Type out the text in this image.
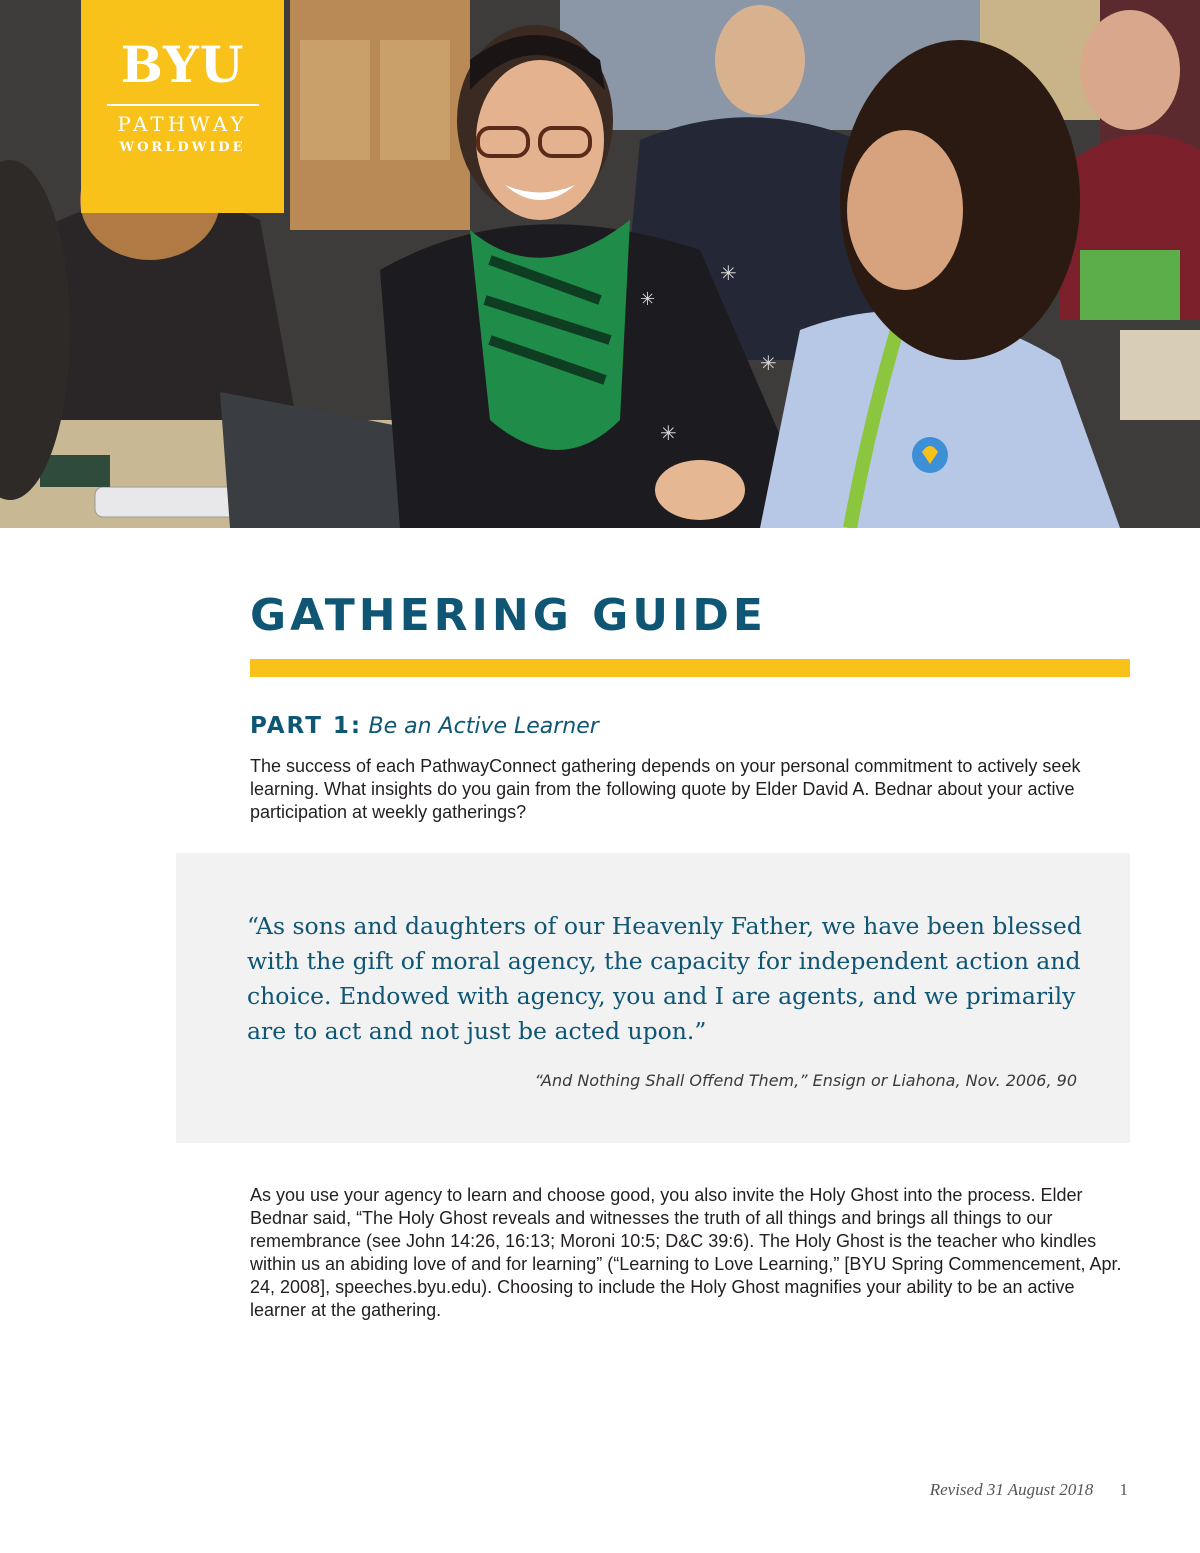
✳
✳
✳
✳
BYU
PATHWAY
WORLDWIDE
GATHERING GUIDE
PART 1: Be an Active Learner
The success of each PathwayConnect gathering depends on your personal commitment to actively seek learning. What insights do you gain from the following quote by Elder David A. Bednar about your active participation at weekly gatherings?
“As sons and daughters of our Heavenly Father, we have been blessed with the gift of moral agency, the capacity for independent action and choice. Endowed with agency, you and I are agents, and we primarily are to act and not just be acted upon.”
“And Nothing Shall Offend Them,” Ensign or Liahona, Nov. 2006, 90
As you use your agency to learn and choose good, you also invite the Holy Ghost into the process. Elder Bednar said, “The Holy Ghost reveals and witnesses the truth of all things and brings all things to our remembrance (see John 14:26, 16:13; Moroni 10:5; D&C 39:6). The Holy Ghost is the teacher who kindles within us an abiding love of and for learning” (“Learning to Love Learning,” [BYU Spring Commencement, Apr. 24, 2008], speeches.byu.edu). Choosing to include the Holy Ghost magnifies your ability to be an active learner at the gathering.
Revised 31 August 2018 1
